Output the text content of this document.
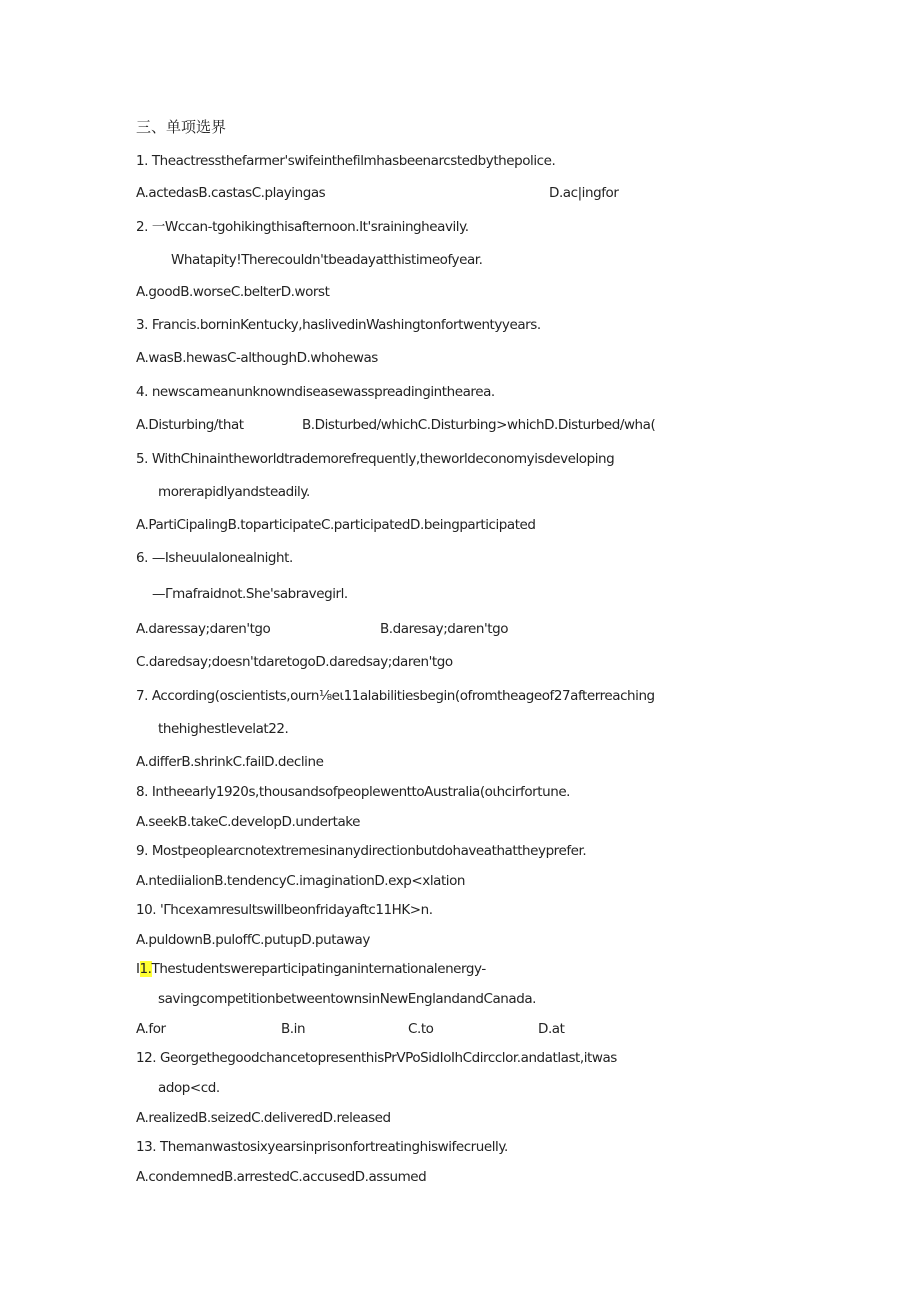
三、单项选界
1. Theactressthefarmer'swifeinthefilmhasbeenarcstedbythepolice.
A.actedasB.castasC.playingas	D.ac|ingfor
2. 一Wccan-tgohikingthisafternoon.It'srainingheavily.
Whatapity!Therecouldn'tbeadayatthistimeofyear.
A.goodB.worseC.belterD.worst
3. Francis.borninKentucky,haslivedinWashingtonfortwentyyears.
A.wasB.hewasC-althoughD.whohewas
4. newscameanunknowndiseasewasspreadinginthearea.
A.Disturbing/that	B.Disturbed/whichC.Disturbing>whichD.Disturbed/wha(
5. WithChinaintheworldtrademorefrequently,theworldeconomyisdeveloping
morerapidlyandsteadily.
A.PartiCipalingB.toparticipateC.participatedD.beingparticipated
6. —Isheuulalonealnight.
—Γmafraidnot.She'sabravegirl.
A.daressay;daren'tgo	B.daresay;daren'tgo
C.daredsay;doesn'tdaretogoD.daredsay;daren'tgo
7. According(oscientists,ourn⅛eι11alabilitiesbegin(ofromtheageof27afterreaching
thehighestlevelat22.
A.differB.shrinkC.failD.decline
8. Intheearly1920s,thousandsofpeoplewenttoAustralia(oιhcirfortune.
A.seekB.takeC.developD.undertake
9. Mostpeoplearcnotextremesinanydirectionbutdohaveathattheyprefer.
A.ntediialionB.tendencyC.imaginationD.exp<xlation
10. 'Γhcexamresultswillbeonfridayaftc11HK>n.
A.puldownB.puloffC.putupD.putaway
I1.Thestudentswereparticipatinganinternationalenergy-
savingcompetitionbetweentownsinNewEnglandandCanada.
A.for	B.in	C.to	D.at
12. GeorgethegoodchancetopresenthisPrVPoSidIoIhCdircclor.andatlast,itwas
adop<cd.
A.realizedB.seizedC.deliveredD.released
13. Themanwastosixyearsinprisonfortreatinghiswifecruelly.
A.condemnedB.arrestedC.accusedD.assumed
